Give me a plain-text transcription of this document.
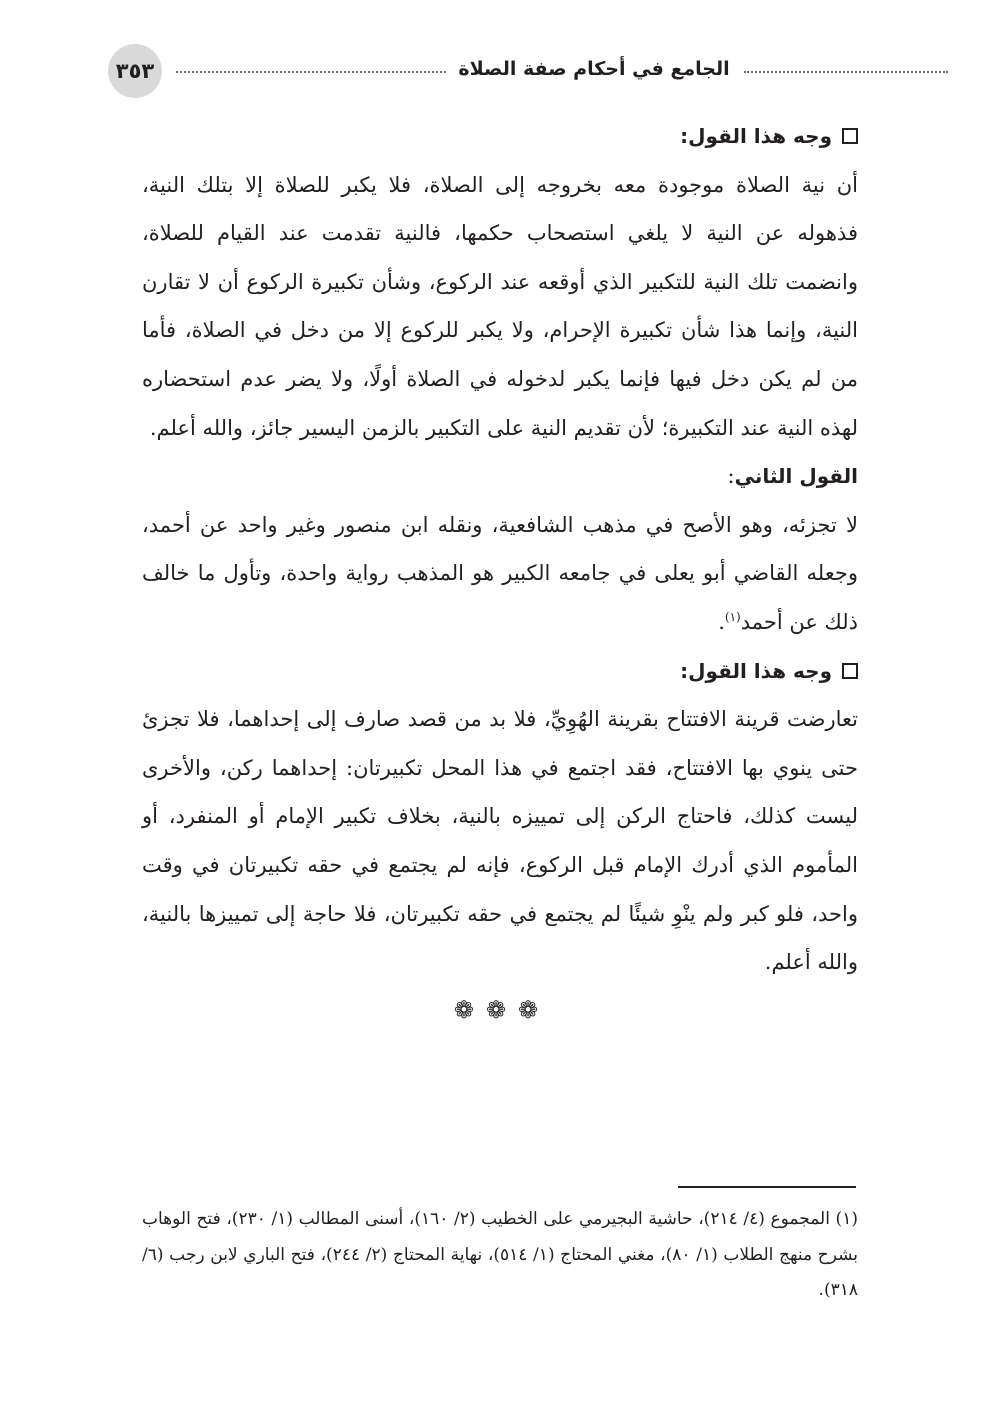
٣٥٣	الجامع في أحكام صفة الصلاة

وجه هذا القول:

أن نية الصلاة موجودة معه بخروجه إلى الصلاة، فلا يكبر للصلاة إلا بتلك النية، فذهوله عن النية لا يلغي استصحاب حكمها، فالنية تقدمت عند القيام للصلاة، وانضمت تلك النية للتكبير الذي أوقعه عند الركوع، وشأن تكبيرة الركوع أن لا تقارن النية، وإنما هذا شأن تكبيرة الإحرام، ولا يكبر للركوع إلا من دخل في الصلاة، فأما من لم يكن دخل فيها فإنما يكبر لدخوله في الصلاة أولًا، ولا يضر عدم استحضاره لهذه النية عند التكبيرة؛ لأن تقديم النية على التكبير بالزمن اليسير جائز، والله أعلم.

القول الثاني:

لا تجزئه، وهو الأصح في مذهب الشافعية، ونقله ابن منصور وغير واحد عن أحمد، وجعله القاضي أبو يعلى في جامعه الكبير هو المذهب رواية واحدة، وتأول ما خالف ذلك عن أحمد$^{(١)}$.

وجه هذا القول:

تعارضت قرينة الافتتاح بقرينة الهُوِيِّ، فلا بد من قصد صارف إلى إحداهما، فلا تجزئ حتى ينوي بها الافتتاح، فقد اجتمع في هذا المحل تكبيرتان: إحداهما ركن، والأخرى ليست كذلك، فاحتاج الركن إلى تمييزه بالنية، بخلاف تكبير الإمام أو المنفرد، أو المأموم الذي أدرك الإمام قبل الركوع، فإنه لم يجتمع في حقه تكبيرتان في وقت واحد، فلو كبر ولم ينْوِ شيئًا لم يجتمع في حقه تكبيرتان، فلا حاجة إلى تمييزها بالنية، والله أعلم.

❁❁❁

(١) المجموع (٤/ ٢١٤)، حاشية البجيرمي على الخطيب (٢/ ١٦٠)، أسنى المطالب (١/ ٢٣٠)، فتح الوهاب بشرح منهج الطلاب (١/ ٨٠)، مغني المحتاج (١/ ٥١٤)، نهاية المحتاج (٢/ ٢٤٤)، فتح الباري لابن رجب (٦/ ٣١٨).
